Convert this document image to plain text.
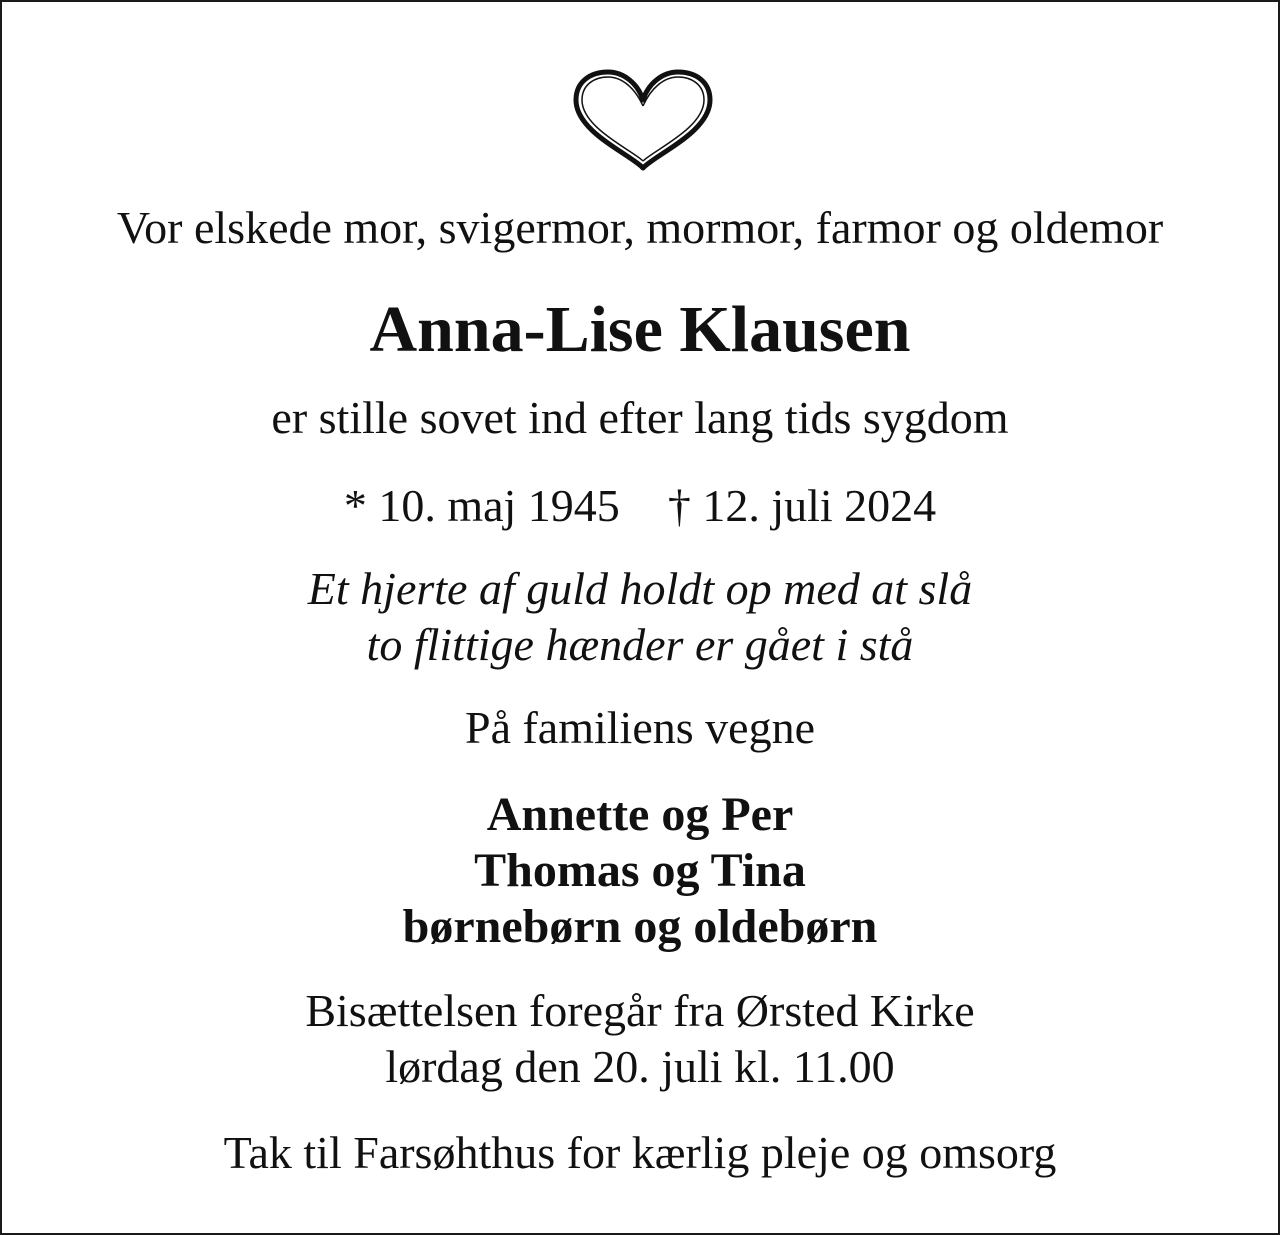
Vor elskede mor, svigermor, mormor, farmor og oldemor

Anna-Lise Klausen

er stille sovet ind efter lang tids sygdom

* 10. maj 1945 † 12. juli 2024

Et hjerte af guld holdt op med at slå

to flittige hænder er gået i stå

På familiens vegne

Annette og Per

Thomas og Tina

børnebørn og oldebørn

Bisættelsen foregår fra Ørsted Kirke

lørdag den 20. juli kl. 11.00

Tak til Farsøhthus for kærlig pleje og omsorg
